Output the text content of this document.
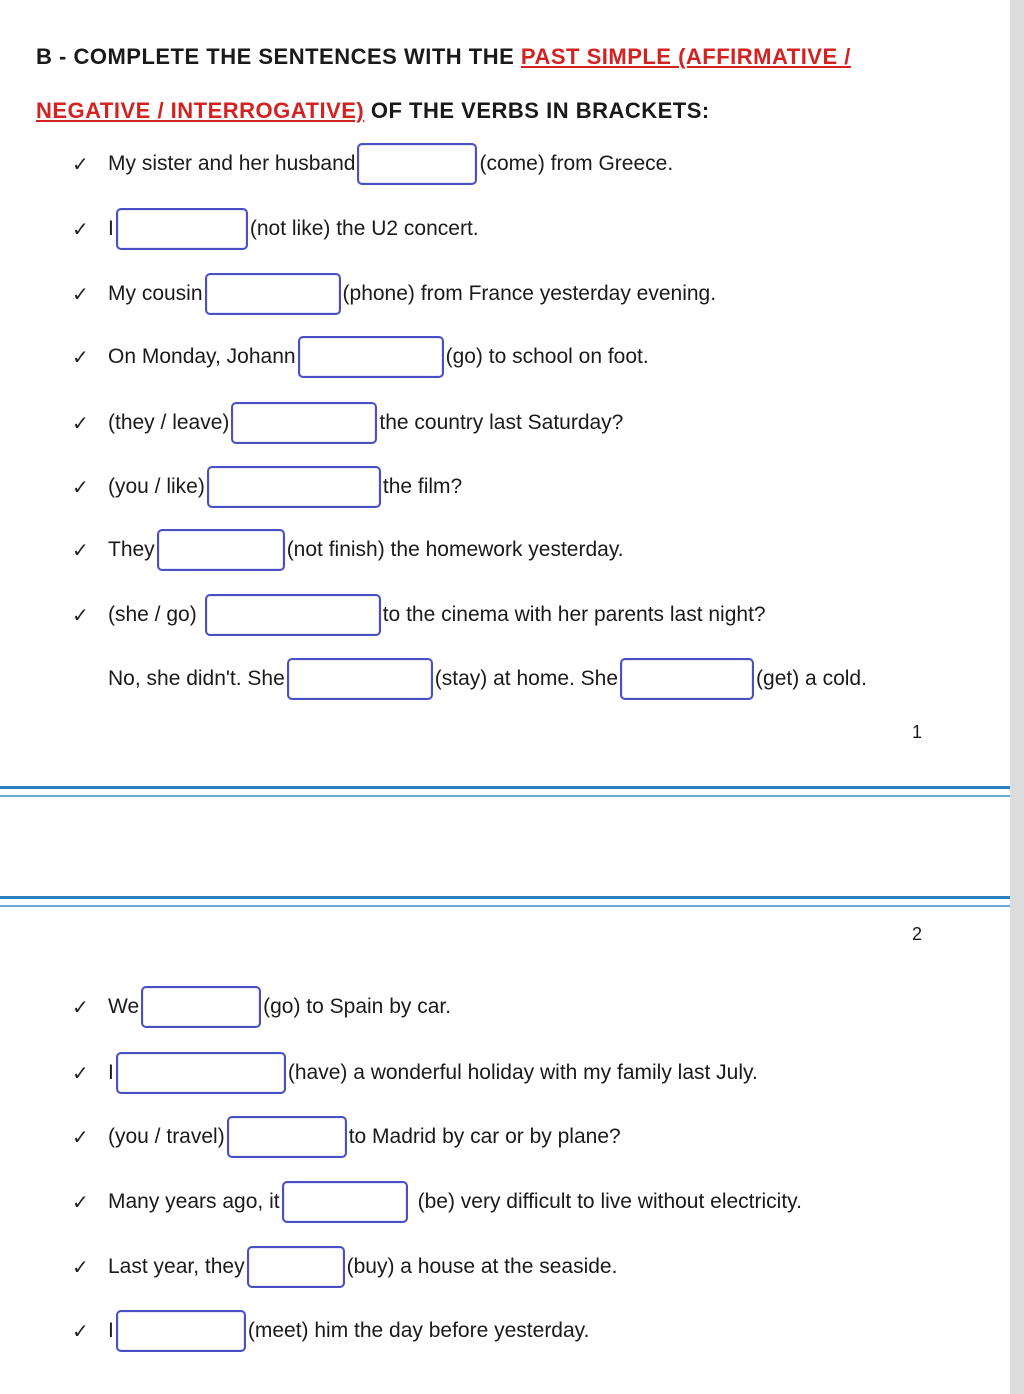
B - COMPLETE THE SENTENCES WITH THE PAST SIMPLE (AFFIRMATIVE /
NEGATIVE / INTERROGATIVE) OF THE VERBS IN BRACKETS:
✓ My sister and her husband	(come) from Greece.
✓ I	(not like) the U2 concert.
✓ My cousin	(phone) from France yesterday evening.
✓ On Monday, Johann	(go) to school on foot.
✓ (they / leave)	the country last Saturday?
✓ (you / like)	the film?
✓ They	(not finish) the homework yesterday.
✓ (she / go)	to the cinema with her parents last night?
No, she didn't. She	(stay) at home. She	(get) a cold.
1
2
✓ We	(go) to Spain by car.
✓ I	(have) a wonderful holiday with my family last July.
✓ (you / travel)	to Madrid by car or by plane?
✓ Many years ago, it	(be) very difficult to live without electricity.
✓ Last year, they	(buy) a house at the seaside.
✓ I	(meet) him the day before yesterday.
